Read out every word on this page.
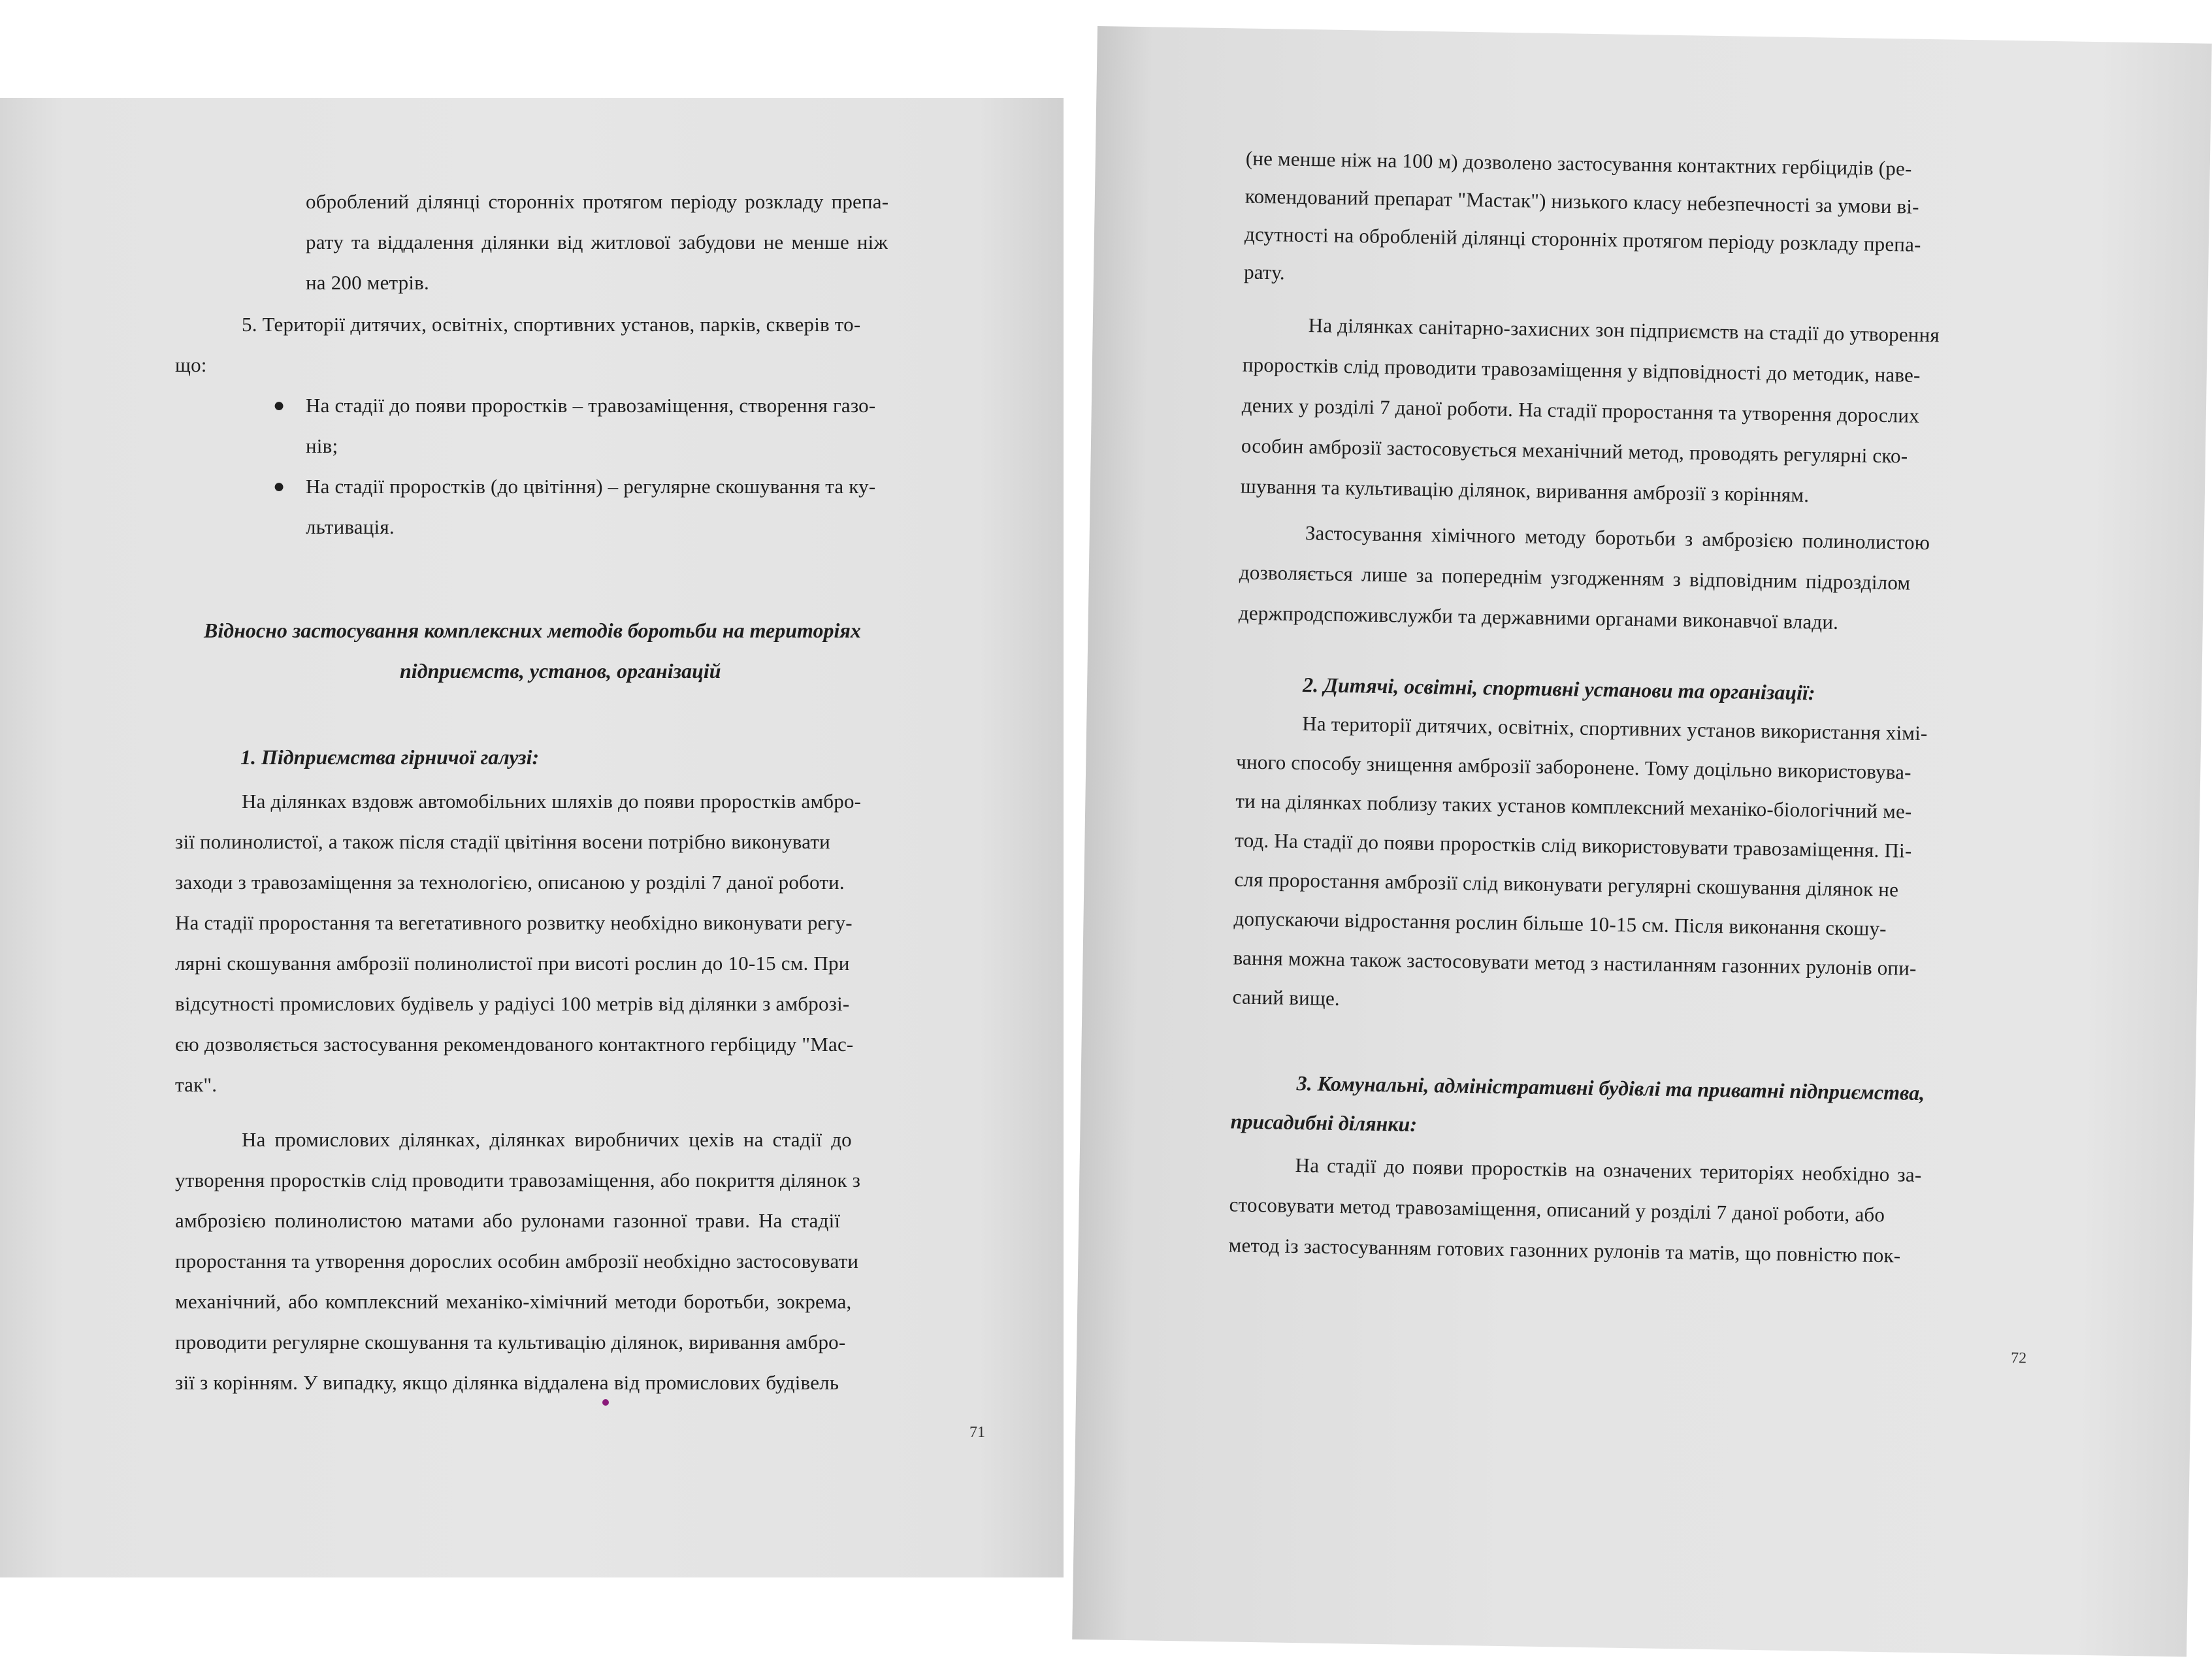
оброблений ділянці сторонніх протягом періоду розкладу препа-
рату та віддалення ділянки від житлової забудови не менше ніж
на 200 метрів.
5. Території дитячих, освітніх, спортивних установ, парків, скверів то-
що:
● На стадії до появи проростків – травозаміщення, створення газо-
нів;
● На стадії проростків (до цвітіння) – регулярне скошування та ку-
льтивація.
Відносно застосування комплексних методів боротьби на територіях
підприємств, установ, організацій
1. Підприємства гірничої галузі:
На ділянках вздовж автомобільних шляхів до появи проростків амбро-
зії полинолистої, а також після стадії цвітіння восени потрібно виконувати
заходи з травозаміщення за технологією, описаною у розділі 7 даної роботи.
На стадії проростання та вегетативного розвитку необхідно виконувати регу-
лярні скошування амброзії полинолистої при висоті рослин до 10-15 см. При
відсутності промислових будівель у радіусі 100 метрів від ділянки з амброзі-
єю дозволяється застосування рекомендованого контактного гербіциду "Мас-
так".
На промислових ділянках, ділянках виробничих цехів на стадії до
утворення проростків слід проводити травозаміщення, або покриття ділянок з
амброзією полинолистою матами або рулонами газонної трави. На стадії
проростання та утворення дорослих особин амброзії необхідно застосовувати
механічний, або комплексний механіко-хімічний методи боротьби, зокрема,
проводити регулярне скошування та культивацію ділянок, виривання амбро-
зії з корінням. У випадку, якщо ділянка віддалена від промислових будівель
71
(не менше ніж на 100 м) дозволено застосування контактних гербіцидів (ре-
комендований препарат "Мастак") низького класу небезпечності за умови ві-
дсутності на обробленій ділянці сторонніх протягом періоду розкладу препа-
рату.
На ділянках санітарно-захисних зон підприємств на стадії до утворення
проростків слід проводити травозаміщення у відповідності до методик, наве-
дених у розділі 7 даної роботи. На стадії проростання та утворення дорослих
особин амброзії застосовується механічний метод, проводять регулярні ско-
шування та культивацію ділянок, виривання амброзії з корінням.
Застосування хімічного методу боротьби з амброзією полинолистою
дозволяється лише за попереднім узгодженням з відповідним підрозділом
держпродспоживслужби та державними органами виконавчої влади.
2. Дитячі, освітні, спортивні установи та організації:
На території дитячих, освітніх, спортивних установ використання хімі-
чного способу знищення амброзії заборонене. Тому доцільно використовува-
ти на ділянках поблизу таких установ комплексний механіко-біологічний ме-
тод. На стадії до появи проростків слід використовувати травозаміщення. Пі-
сля проростання амброзії слід виконувати регулярні скошування ділянок не
допускаючи відростання рослин більше 10-15 см. Після виконання скошу-
вання можна також застосовувати метод з настиланням газонних рулонів опи-
саний вище.
3. Комунальні, адміністративні будівлі та приватні підприємства,
присадибні ділянки:
На стадії до появи проростків на означених територіях необхідно за-
стосовувати метод травозаміщення, описаний у розділі 7 даної роботи, або
метод із застосуванням готових газонних рулонів та матів, що повністю пок-
72
